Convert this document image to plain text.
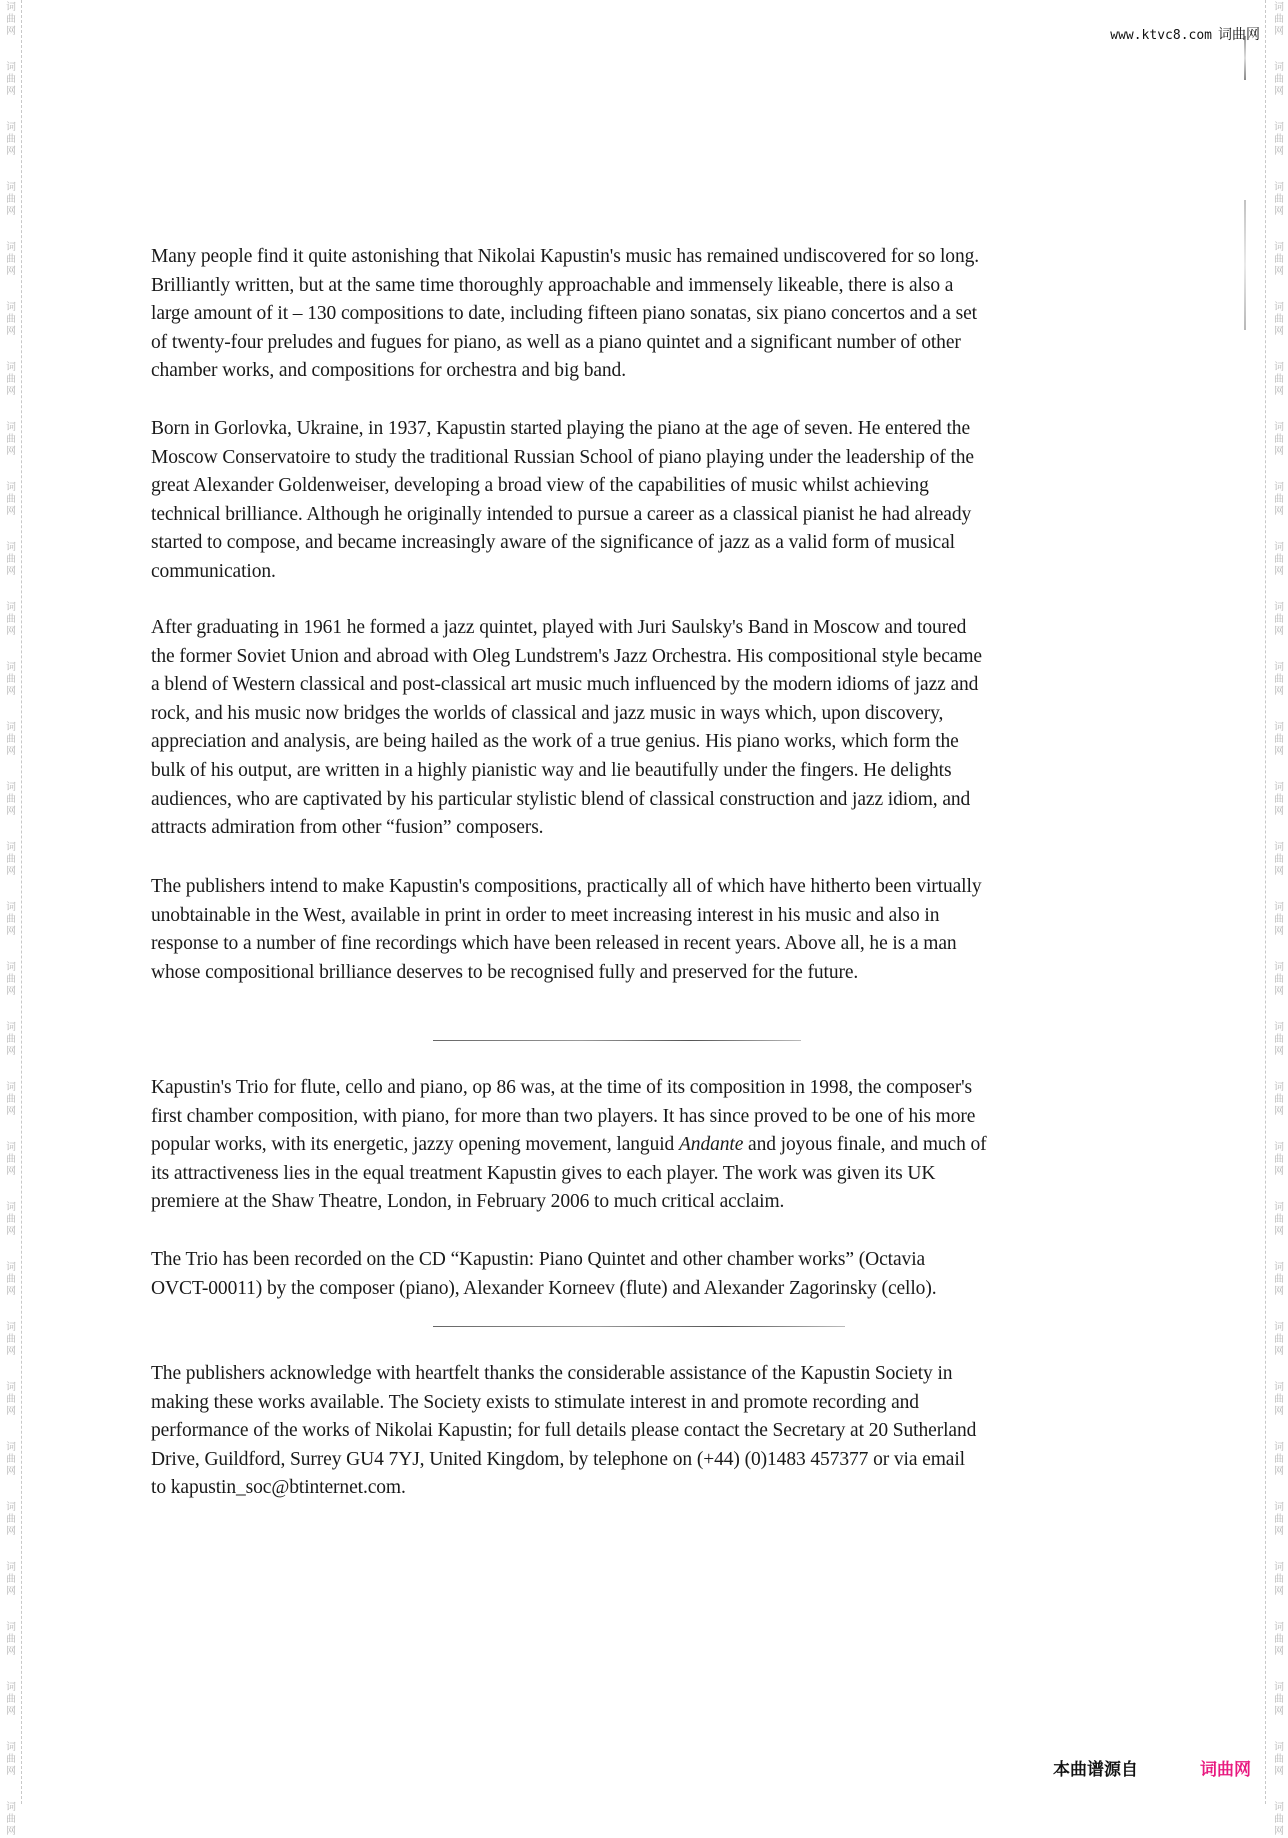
词
曲
网
词
曲
网
词
曲
网
词
曲
网
词
曲
网
词
曲
网
词
曲
网
词
曲
网
词
曲
网
词
曲
网
词
曲
网
词
曲
网
词
曲
网
词
曲
网
词
曲
网
词
曲
网
词
曲
网
词
曲
网
词
曲
网
词
曲
网
词
曲
网
词
曲
网
词
曲
网
词
曲
网
词
曲
网
词
曲
网
词
曲
网
词
曲
网
词
曲
网
词
曲
网
词
曲
网
词
曲
网
词
曲
网
词
曲
网
词
曲
网
词
曲
网
词
曲
网
词
曲
网
词
曲
网
词
曲
网
词
曲
网
词
曲
网
词
曲
网
词
曲
网
词
曲
网
词
曲
网
词
曲
网
词
曲
网
词
曲
网
词
曲
网
词
曲
网
词
曲
网
词
曲
网
词
曲
网
词
曲
网
词
曲
网
词
曲
网
词
曲
网
词
曲
网
词
曲
网
词
曲
网
词
曲
网
www.ktvc8.com 词曲网

Many people find it quite astonishing that Nikolai Kapustin's music has remained undiscovered for so long.
Brilliantly written, but at the same time thoroughly approachable and immensely likeable, there is also a
large amount of it – 130 compositions to date, including fifteen piano sonatas, six piano concertos and a set
of twenty-four preludes and fugues for piano, as well as a piano quintet and a significant number of other
chamber works, and compositions for orchestra and big band.

Born in Gorlovka, Ukraine, in 1937, Kapustin started playing the piano at the age of seven. He entered the
Moscow Conservatoire to study the traditional Russian School of piano playing under the leadership of the
great Alexander Goldenweiser, developing a broad view of the capabilities of music whilst achieving
technical brilliance. Although he originally intended to pursue a career as a classical pianist he had already
started to compose, and became increasingly aware of the significance of jazz as a valid form of musical
communication.

After graduating in 1961 he formed a jazz quintet, played with Juri Saulsky's Band in Moscow and toured
the former Soviet Union and abroad with Oleg Lundstrem's Jazz Orchestra. His compositional style became
a blend of Western classical and post-classical art music much influenced by the modern idioms of jazz and
rock, and his music now bridges the worlds of classical and jazz music in ways which, upon discovery,
appreciation and analysis, are being hailed as the work of a true genius. His piano works, which form the
bulk of his output, are written in a highly pianistic way and lie beautifully under the fingers. He delights
audiences, who are captivated by his particular stylistic blend of classical construction and jazz idiom, and
attracts admiration from other “fusion” composers.

The publishers intend to make Kapustin's compositions, practically all of which have hitherto been virtually
unobtainable in the West, available in print in order to meet increasing interest in his music and also in
response to a number of fine recordings which have been released in recent years. Above all, he is a man
whose compositional brilliance deserves to be recognised fully and preserved for the future.

Kapustin's Trio for flute, cello and piano, op 86 was, at the time of its composition in 1998, the composer's
first chamber composition, with piano, for more than two players. It has since proved to be one of his more
popular works, with its energetic, jazzy opening movement, languid Andante and joyous finale, and much of
its attractiveness lies in the equal treatment Kapustin gives to each player. The work was given its UK
premiere at the Shaw Theatre, London, in February 2006 to much critical acclaim.

The Trio has been recorded on the CD “Kapustin: Piano Quintet and other chamber works” (Octavia
OVCT-00011) by the composer (piano), Alexander Korneev (flute) and Alexander Zagorinsky (cello).

The publishers acknowledge with heartfelt thanks the considerable assistance of the Kapustin Society in
making these works available. The Society exists to stimulate interest in and promote recording and
performance of the works of Nikolai Kapustin; for full details please contact the Secretary at 20 Sutherland
Drive, Guildford, Surrey GU4 7YJ, United Kingdom, by telephone on (+44) (0)1483 457377 or via email
to kapustin_soc@btinternet.com.

本曲谱源自	词曲网
